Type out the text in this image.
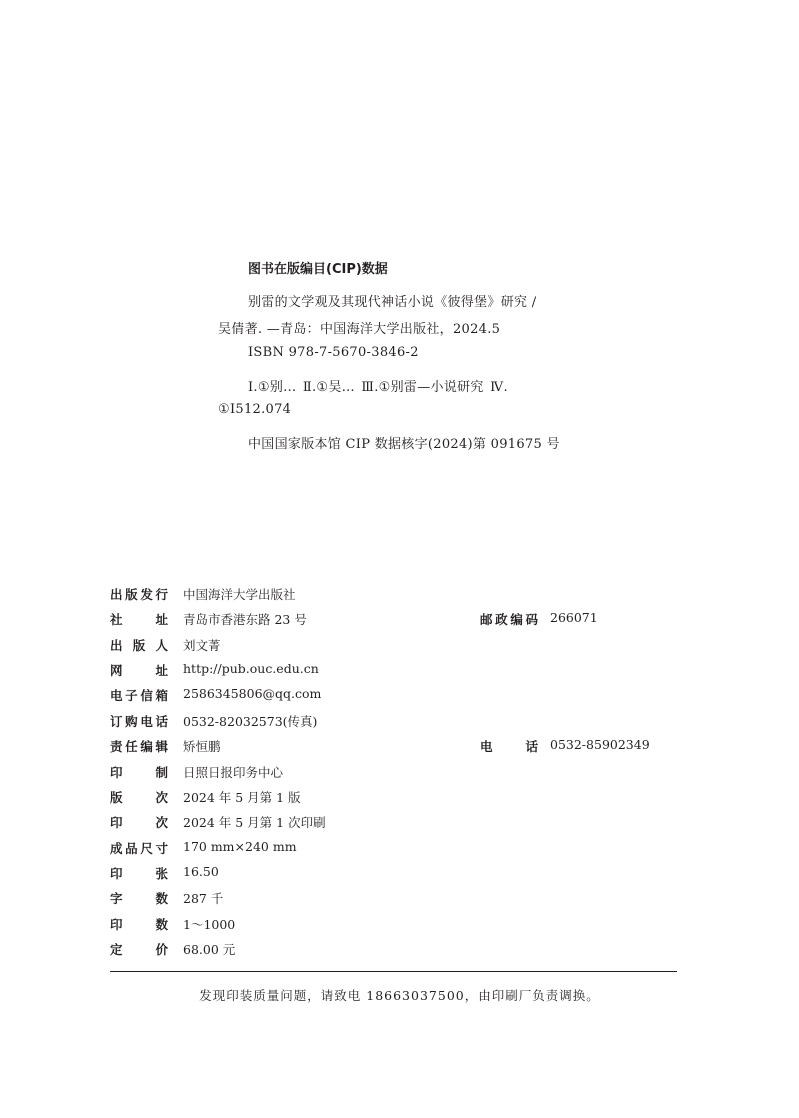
图书在版编目(CIP)数据
别雷的文学观及其现代神话小说《彼得堡》研究 /
吴倩著. —青岛：中国海洋大学出版社，2024.5
ISBN 978-7-5670-3846-2
Ⅰ.①别… Ⅱ.①吴… Ⅲ.①别雷—小说研究 Ⅳ.
①I512.074
中国国家版本馆 CIP 数据核字(2024)第 091675 号
出 版 发 行 中国海洋大学出版社
社	址 青岛市香港东路 23 号	邮 政 编 码 266071
出 版 人 刘文菁
网	址 http://pub.ouc.edu.cn
电 子 信 箱 2586345806@qq.com
订 购 电 话 0532-82032573(传真)
责 任 编 辑 矫恒鹏	电	话 0532-85902349
印	制 日照日报印务中心
版	次 2024 年 5 月第 1 版
印	次 2024 年 5 月第 1 次印刷
成 品 尺 寸 170 mm×240 mm
印	张 16.50
字	数 287 千
印	数 1～1000
定	价 68.00 元
发现印装质量问题，请致电 18663037500，由印刷厂负责调换。
